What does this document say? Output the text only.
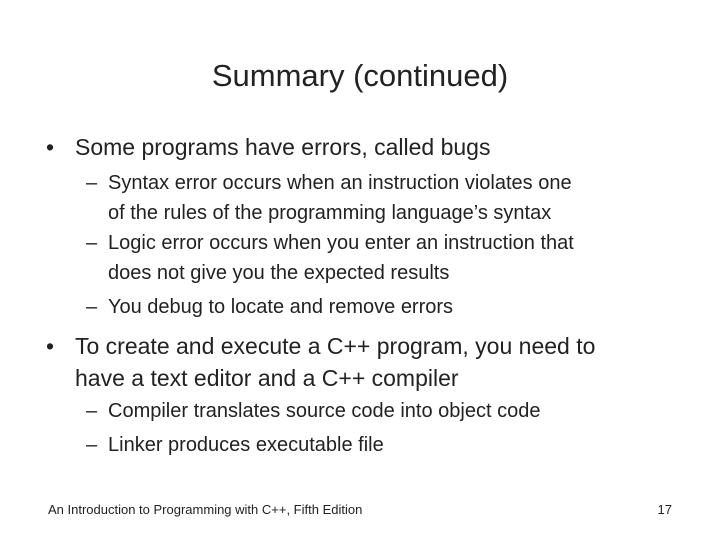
Summary (continued)
• Some programs have errors, called bugs
– Syntax error occurs when an instruction violates one
of the rules of the programming language’s syntax
– Logic error occurs when you enter an instruction that
does not give you the expected results
– You debug to locate and remove errors
• To create and execute a C++ program, you need to
have a text editor and a C++ compiler
– Compiler translates source code into object code
– Linker produces executable file
An Introduction to Programming with C++, Fifth Edition	17
